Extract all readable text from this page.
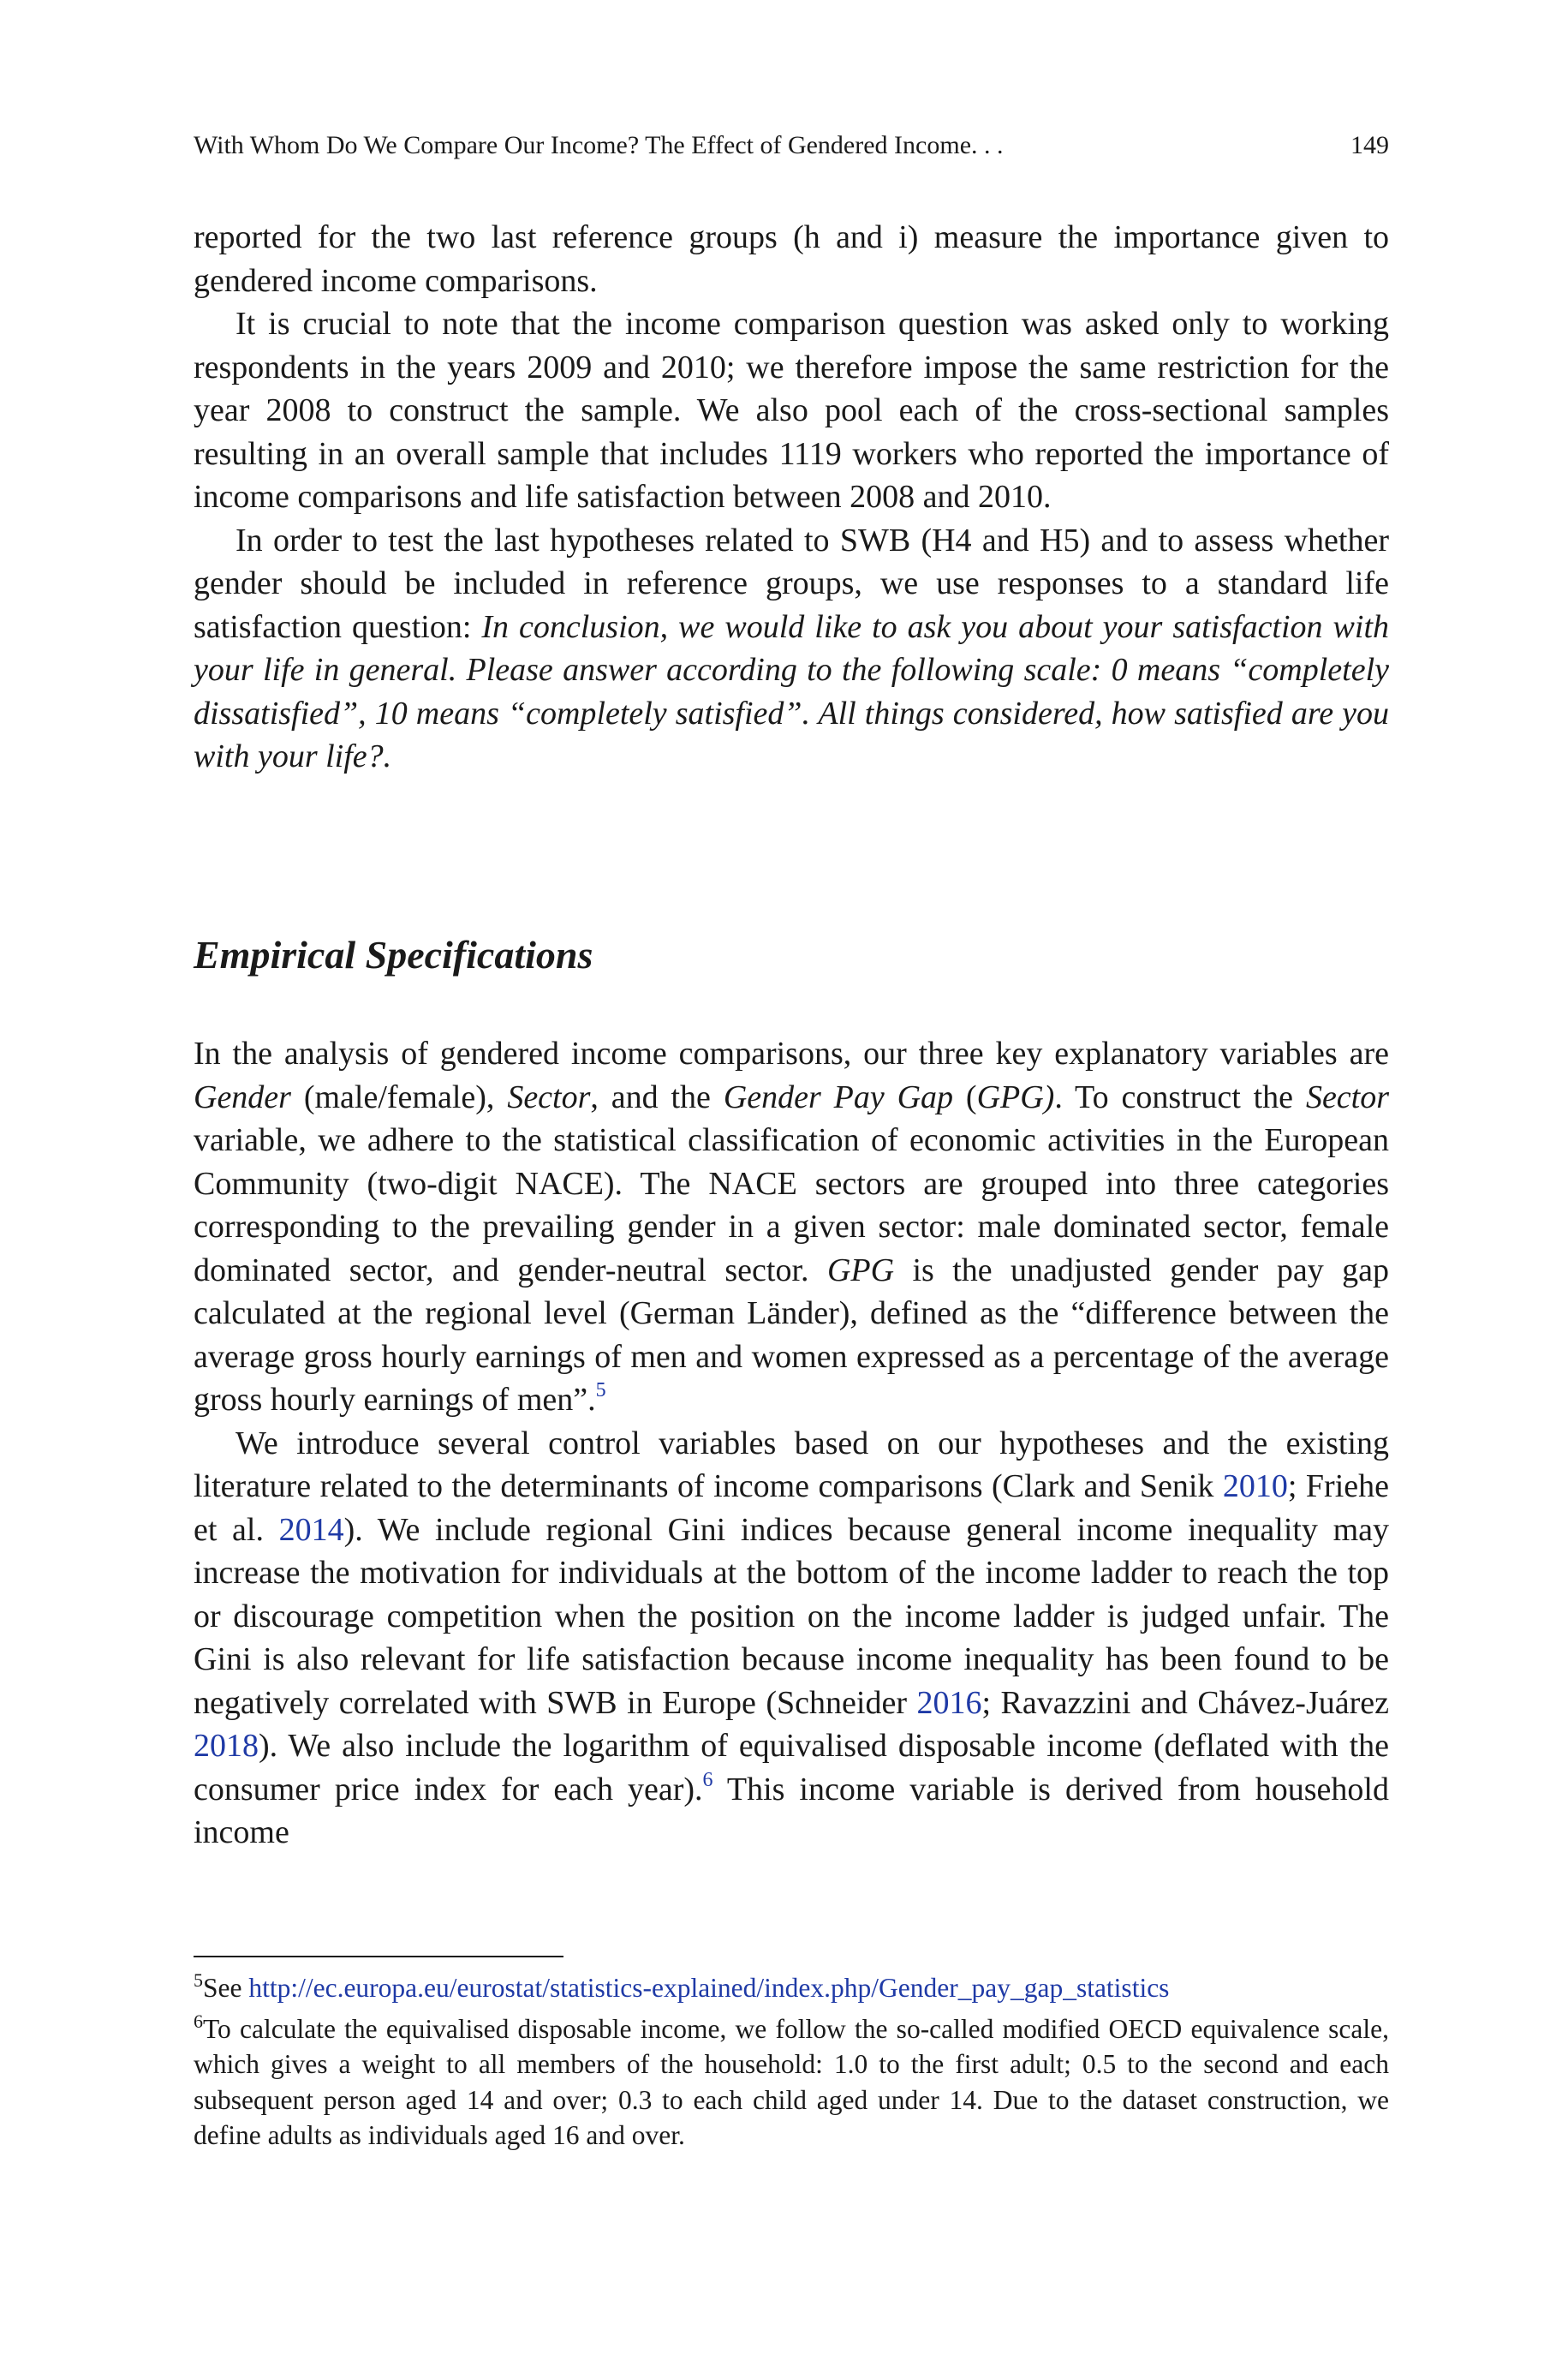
With Whom Do We Compare Our Income? The Effect of Gendered Income. . .	149

reported for the two last reference groups (h and i) measure the importance given to gendered income comparisons.

It is crucial to note that the income comparison question was asked only to working respondents in the years 2009 and 2010; we therefore impose the same restriction for the year 2008 to construct the sample. We also pool each of the cross-sectional samples resulting in an overall sample that includes 1119 workers who reported the importance of income comparisons and life satisfaction between 2008 and 2010.

In order to test the last hypotheses related to SWB (H4 and H5) and to assess whether gender should be included in reference groups, we use responses to a standard life satisfaction question: In conclusion, we would like to ask you about your satisfaction with your life in general. Please answer according to the following scale: 0 means “completely dissatisfied”, 10 means “completely satisfied”. All things considered, how satisfied are you with your life?.

Empirical Specifications

In the analysis of gendered income comparisons, our three key explanatory variables are Gender (male/female), Sector, and the Gender Pay Gap (GPG). To construct the Sector variable, we adhere to the statistical classification of economic activities in the European Community (two-digit NACE). The NACE sectors are grouped into three categories corresponding to the prevailing gender in a given sector: male dominated sector, female dominated sector, and gender-neutral sector. GPG is the unadjusted gender pay gap calculated at the regional level (German Länder), defined as the “difference between the average gross hourly earnings of men and women expressed as a percentage of the average gross hourly earnings of men”.$^5$

We introduce several control variables based on our hypotheses and the existing literature related to the determinants of income comparisons (Clark and Senik 2010; Friehe et al. 2014). We include regional Gini indices because general income inequality may increase the motivation for individuals at the bottom of the income ladder to reach the top or discourage competition when the position on the income ladder is judged unfair. The Gini is also relevant for life satisfaction because income inequality has been found to be negatively correlated with SWB in Europe (Schneider 2016; Ravazzini and Chávez-Juárez 2018). We also include the logarithm of equivalised disposable income (deflated with the consumer price index for each year).$^6$ This income variable is derived from household income

$^5$See http://ec.europa.eu/eurostat/statistics-explained/index.php/Gender_pay_gap_statistics

$^6$To calculate the equivalised disposable income, we follow the so-called modified OECD equivalence scale, which gives a weight to all members of the household: 1.0 to the first adult; 0.5 to the second and each subsequent person aged 14 and over; 0.3 to each child aged under 14. Due to the dataset construction, we define adults as individuals aged 16 and over.
